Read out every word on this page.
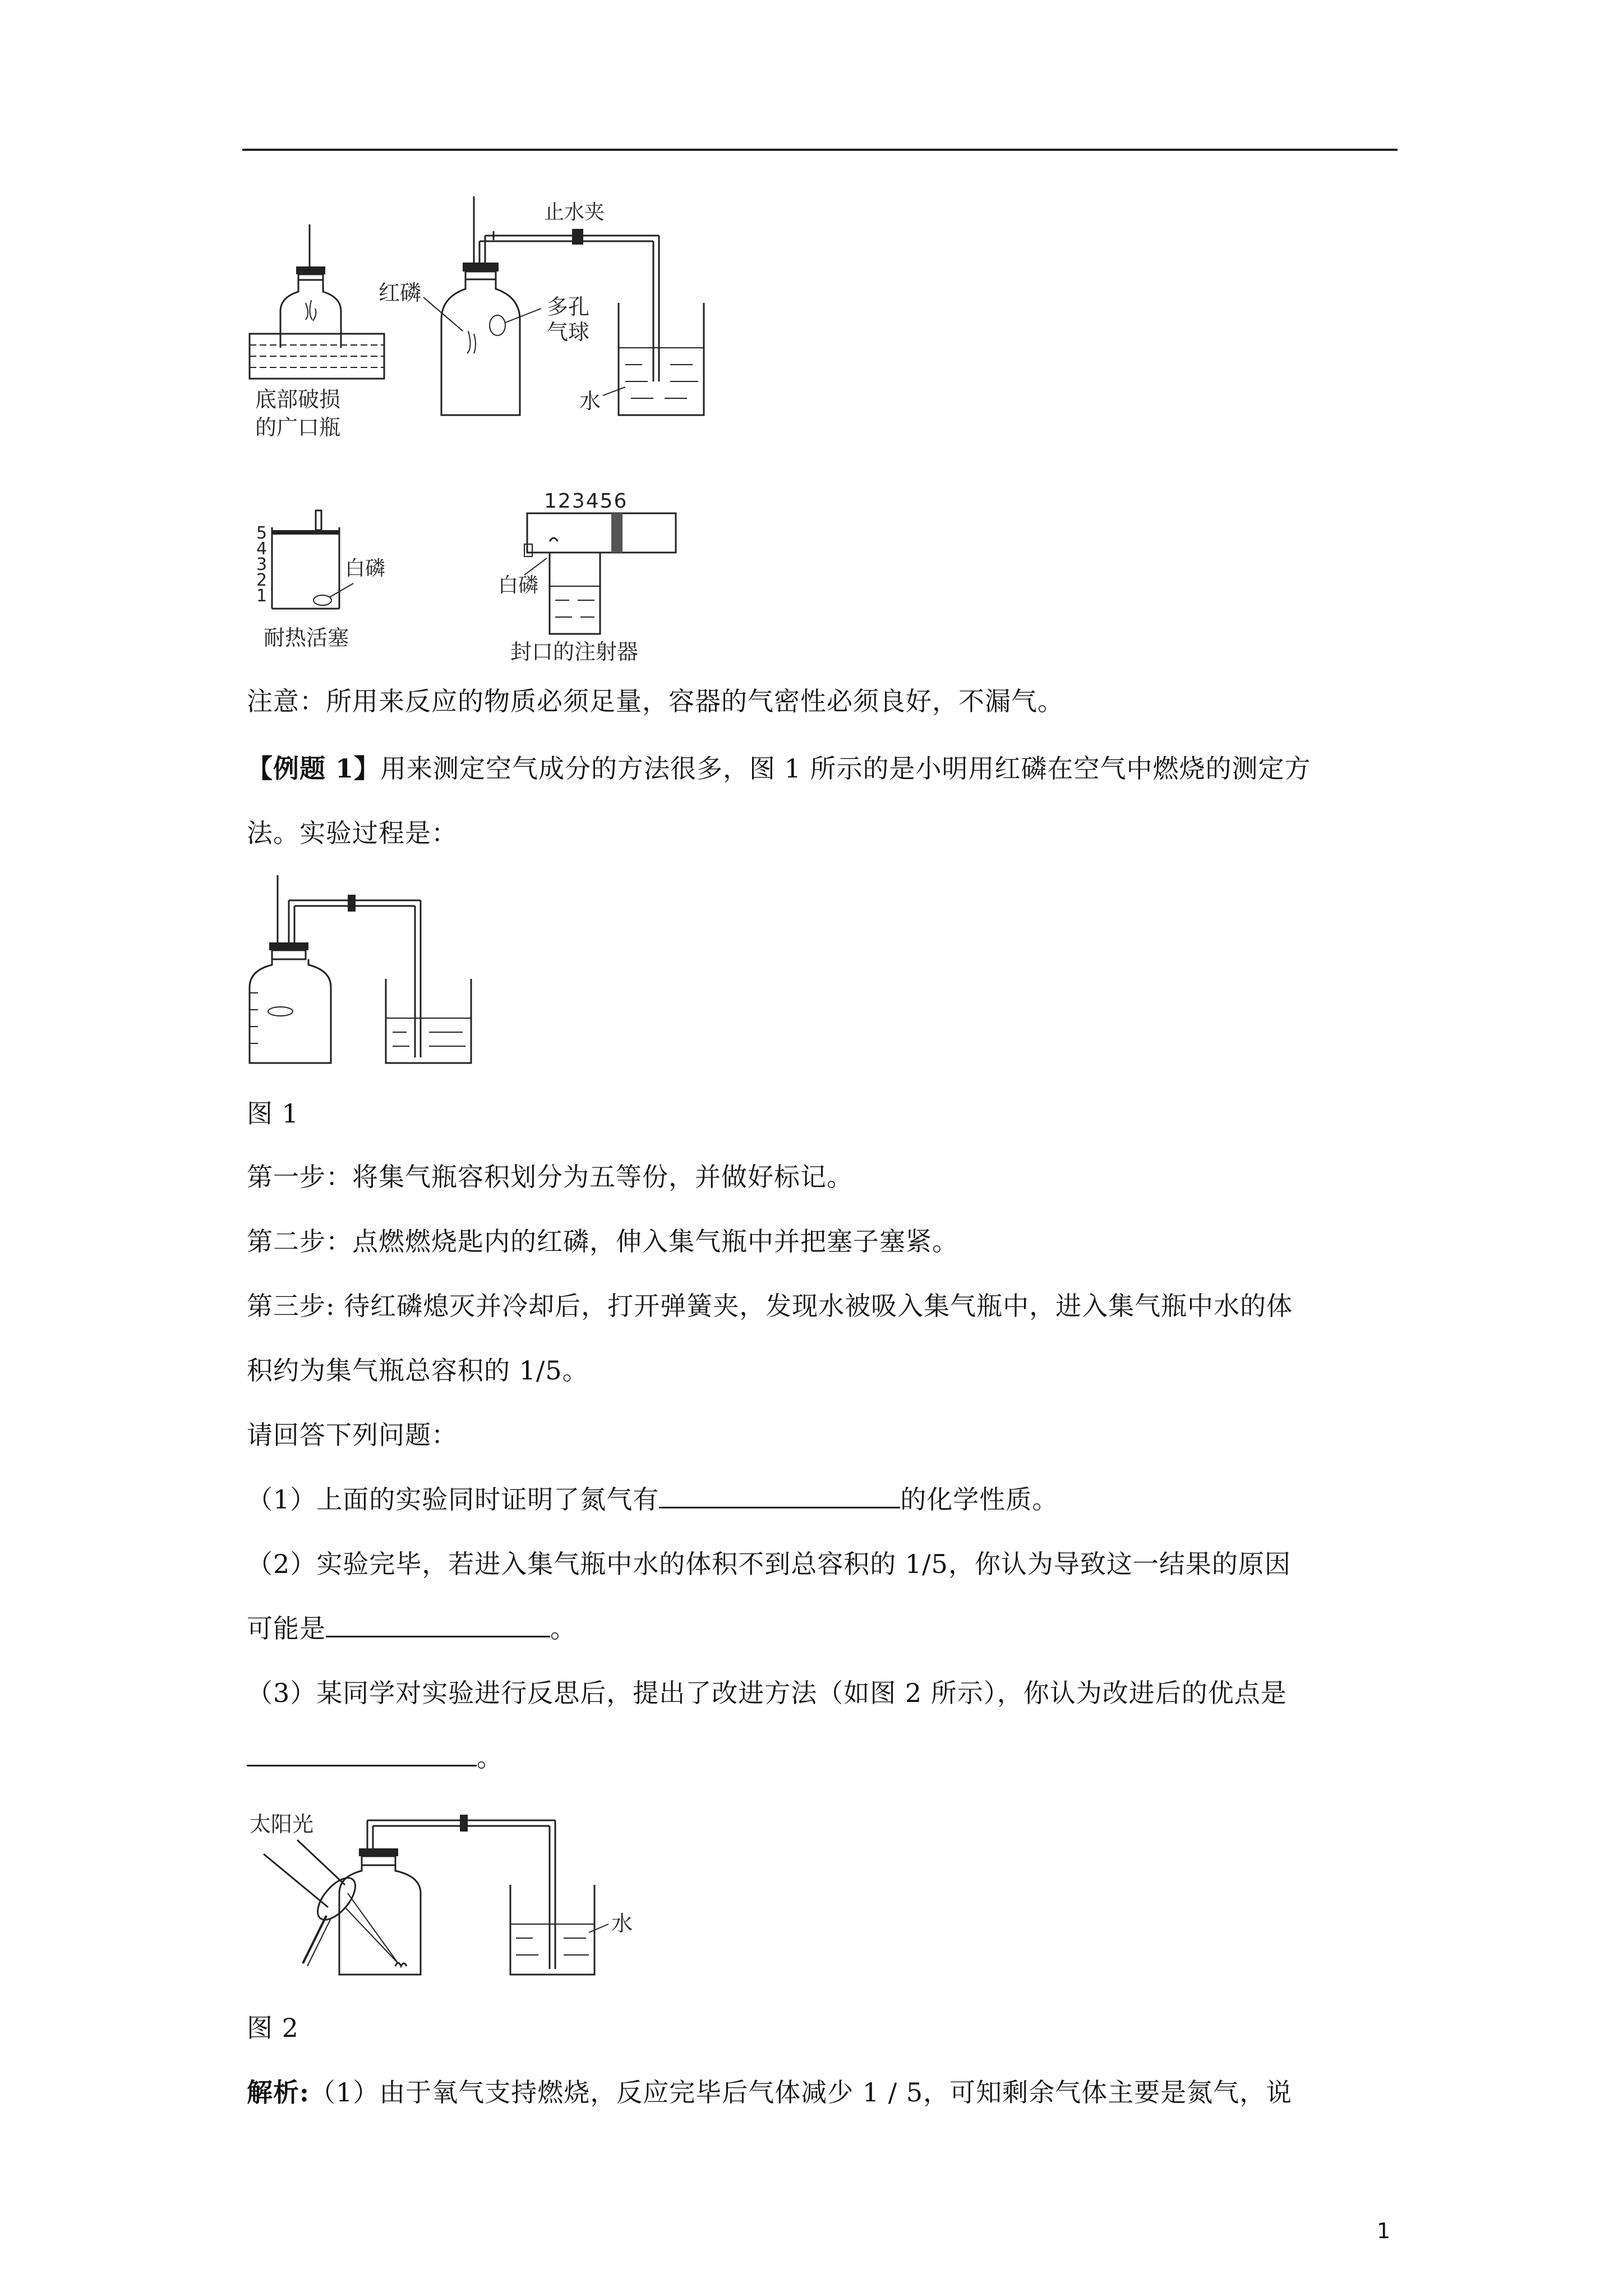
底部破损
的广口瓶
止水夹
红磷
多孔
气球
水
5
4
3
2
1
白磷
耐热活塞
123456
白磷
封口的注射器
注意：所用来反应的物质必须足量，容器的气密性必须良好，不漏气。
【例题 1】用来测定空气成分的方法很多，图 1 所示的是小明用红磷在空气中燃烧的测定方
法。实验过程是：
图 1
第一步：将集气瓶容积划分为五等份，并做好标记。
第二步：点燃燃烧匙内的红磷，伸入集气瓶中并把塞子塞紧。
第三步: 待红磷熄灭并冷却后，打开弹簧夹，发现水被吸入集气瓶中，进入集气瓶中水的体
积约为集气瓶总容积的 1/5。
请回答下列问题：
（1）上面的实验同时证明了氮气有	的化学性质。
（2）实验完毕，若进入集气瓶中水的体积不到总容积的 1/5，你认为导致这一结果的原因
可能是	。
（3）某同学对实验进行反思后，提出了改进方法（如图 2 所示），你认为改进后的优点是
。
太阳光
水
图 2
解析:（1）由于氧气支持燃烧，反应完毕后气体减少 1 / 5，可知剩余气体主要是氮气，说
1
